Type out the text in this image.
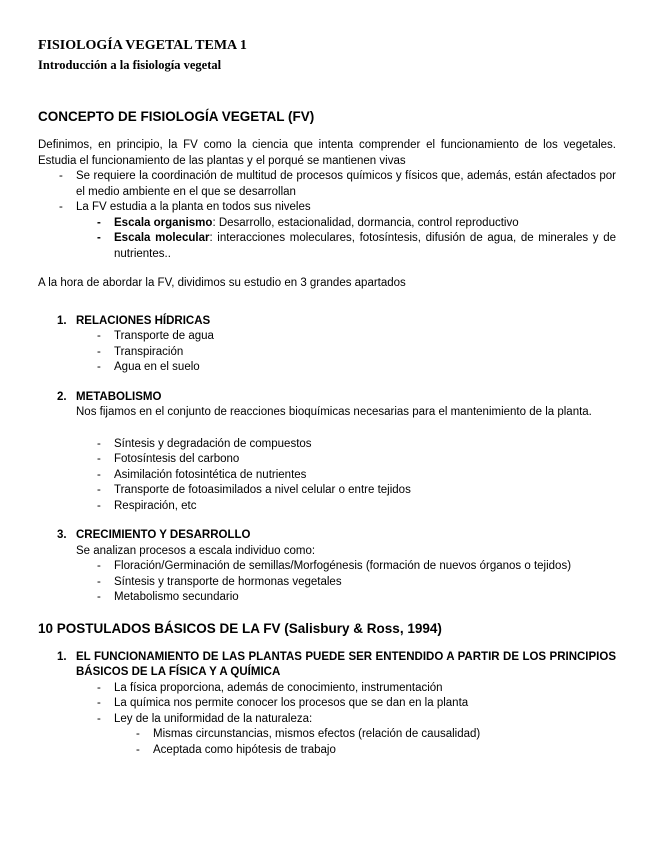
FISIOLOGÍA VEGETAL TEMA 1
Introducción a la fisiología vegetal
CONCEPTO DE FISIOLOGÍA VEGETAL (FV)
Definimos, en principio, la FV como la ciencia que intenta comprender el funcionamiento de los vegetales. Estudia el funcionamiento de las plantas y el porqué se mantienen vivas
- Se requiere la coordinación de multitud de procesos químicos y físicos que, además, están afectados por el medio ambiente en el que se desarrollan
- La FV estudia a la planta en todos sus niveles
- Escala organismo: Desarrollo, estacionalidad, dormancia, control reproductivo
- Escala molecular: interacciones moleculares, fotosíntesis, difusión de agua, de minerales y de nutrientes..
A la hora de abordar la FV, dividimos su estudio en 3 grandes apartados
1. RELACIONES HÍDRICAS
- Transporte de agua
- Transpiración
- Agua en el suelo
2. METABOLISMO
Nos fijamos en el conjunto de reacciones bioquímicas necesarias para el mantenimiento de la planta.
- Síntesis y degradación de compuestos
- Fotosíntesis del carbono
- Asimilación fotosintética de nutrientes
- Transporte de fotoasimilados a nivel celular o entre tejidos
- Respiración, etc
3. CRECIMIENTO Y DESARROLLO
Se analizan procesos a escala individuo como:
- Floración/Germinación de semillas/Morfogénesis (formación de nuevos órganos o tejidos)
- Síntesis y transporte de hormonas vegetales
- Metabolismo secundario
10 POSTULADOS BÁSICOS DE LA FV (Salisbury & Ross, 1994)
1. EL FUNCIONAMIENTO DE LAS PLANTAS PUEDE SER ENTENDIDO A PARTIR DE LOS PRINCIPIOS BÁSICOS DE LA FÍSICA Y A QUÍMICA
- La física proporciona, además de conocimiento, instrumentación
- La química nos permite conocer los procesos que se dan en la planta
- Ley de la uniformidad de la naturaleza:
- Mismas circunstancias, mismos efectos (relación de causalidad)
- Aceptada como hipótesis de trabajo
